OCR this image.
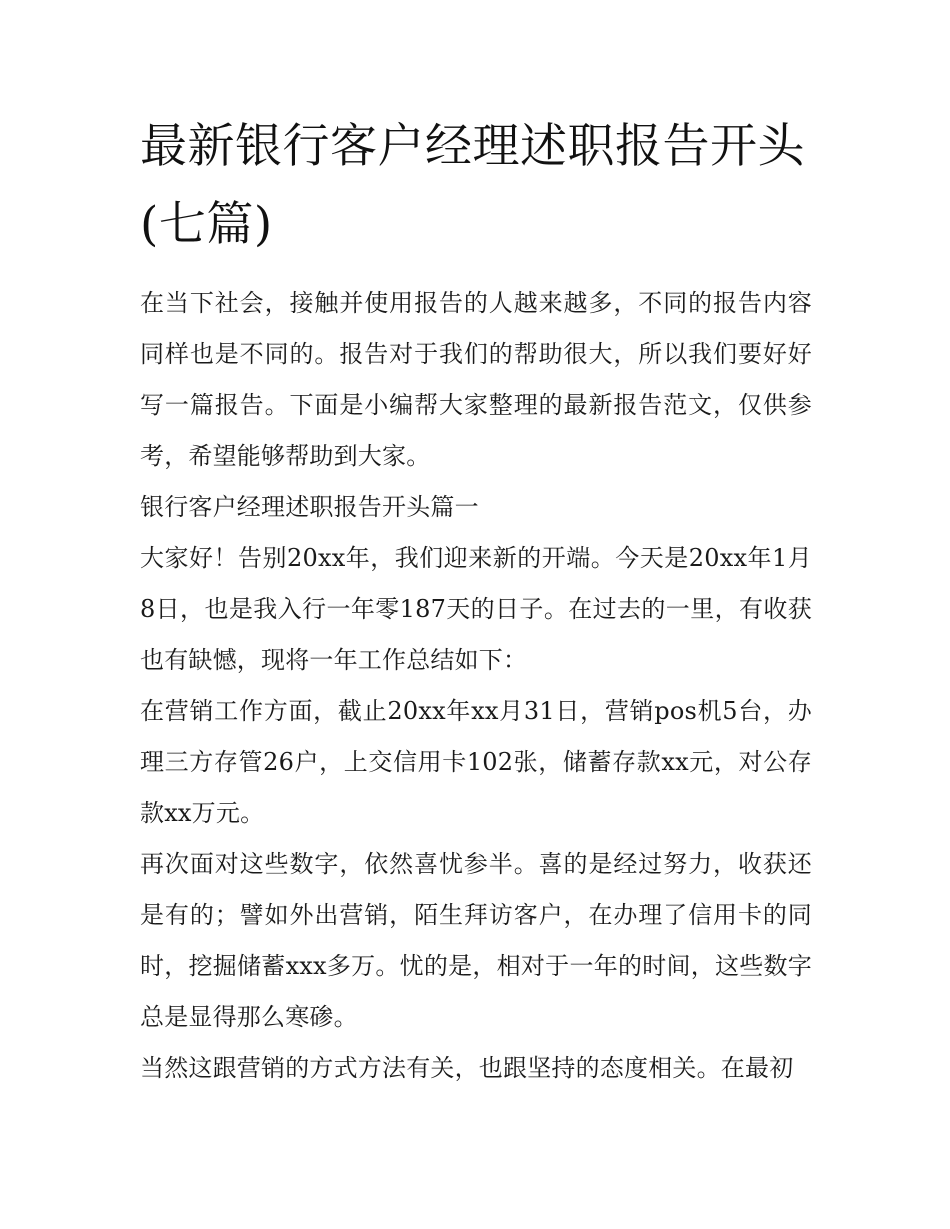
最新银行客户经理述职报告开头(七篇)

在当下社会，接触并使用报告的人越来越多，不同的报告内容同样也是不同的。报告对于我们的帮助很大，所以我们要好好写一篇报告。下面是小编帮大家整理的最新报告范文，仅供参考，希望能够帮助到大家。

银行客户经理述职报告开头篇一

大家好！告别20xx年，我们迎来新的开端。今天是20xx年1月8日，也是我入行一年零187天的日子。在过去的一里，有收获也有缺憾，现将一年工作总结如下：

在营销工作方面，截止20xx年xx月31日，营销pos机5台，办理三方存管26户，上交信用卡102张，储蓄存款xx元，对公存款xx万元。

再次面对这些数字，依然喜忧参半。喜的是经过努力，收获还是有的；譬如外出营销，陌生拜访客户，在办理了信用卡的同时，挖掘储蓄xxx多万。忧的是，相对于一年的时间，这些数字总是显得那么寒碜。

当然这跟营销的方式方法有关，也跟坚持的态度相关。在最初
